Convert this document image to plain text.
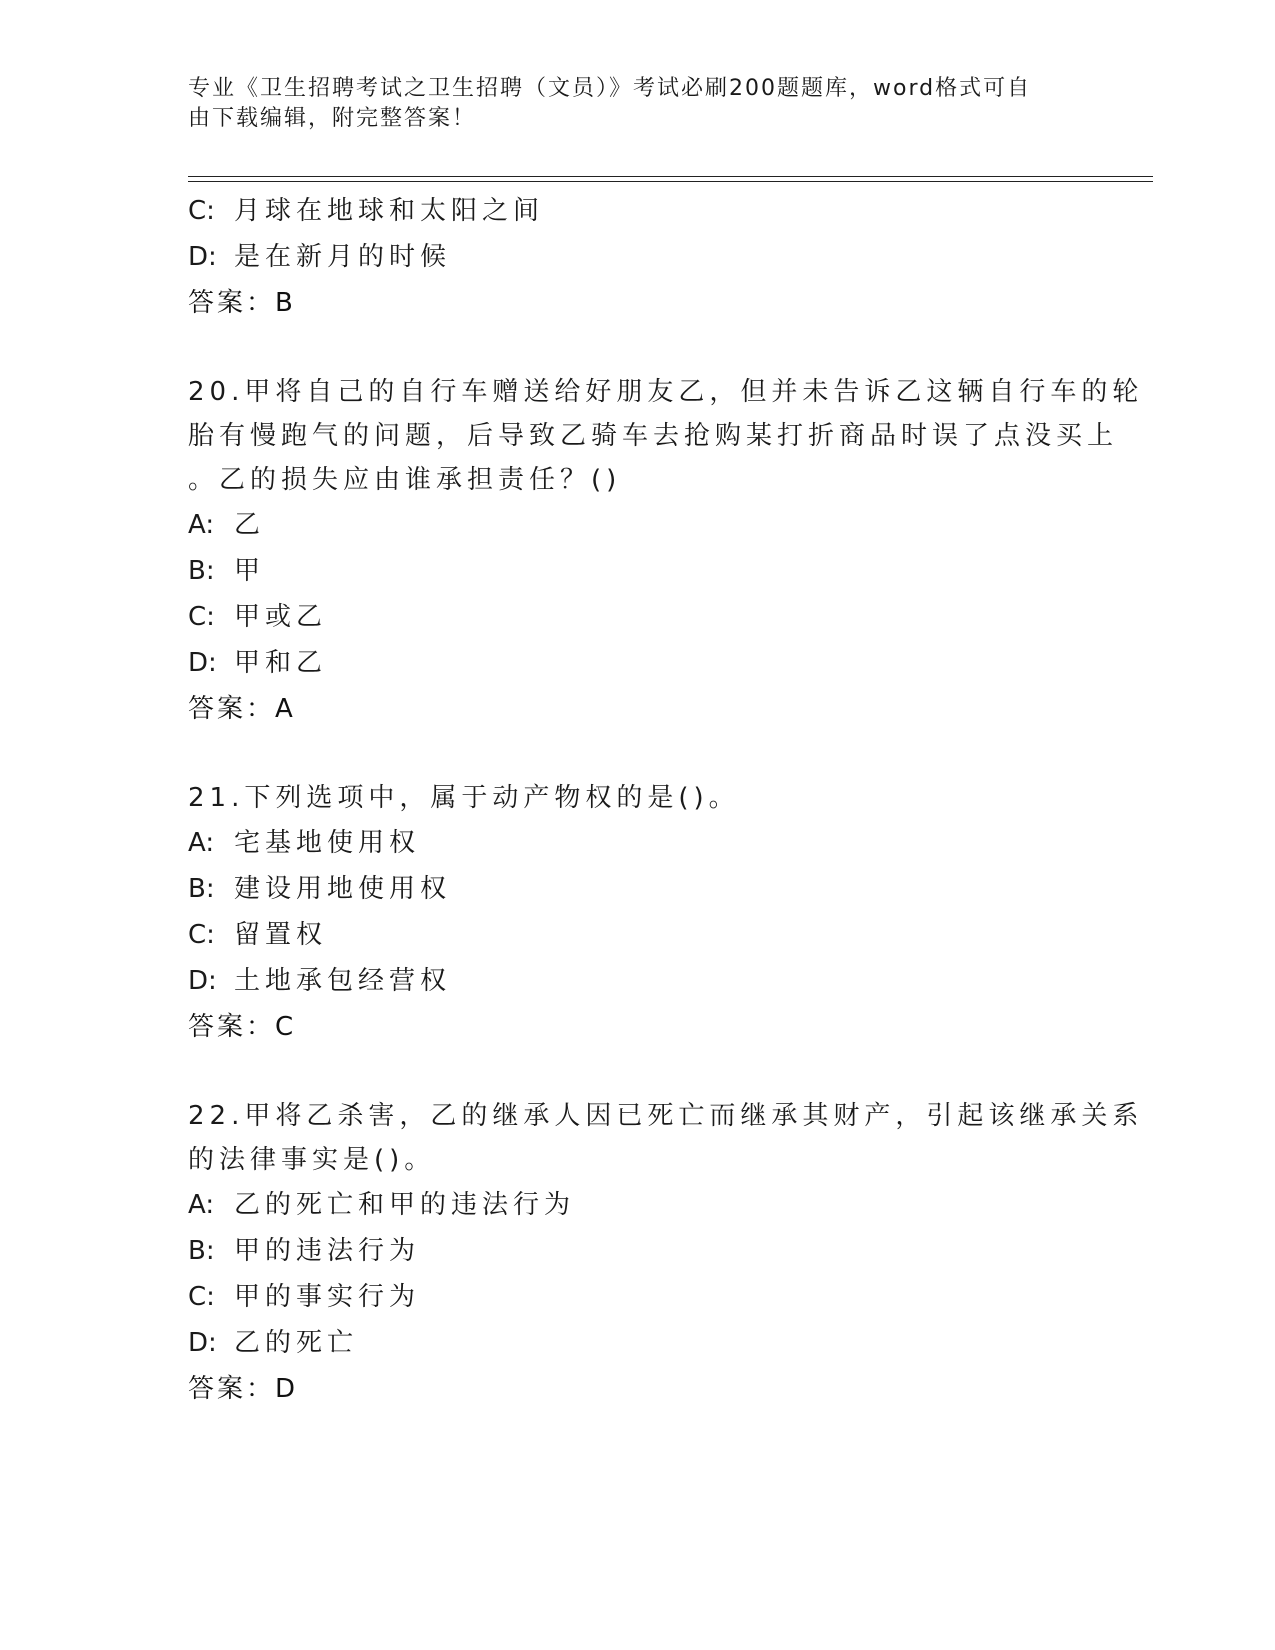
专业《卫生招聘考试之卫生招聘（文员）》考试必刷200题题库，word格式可自
由下载编辑，附完整答案！
C: 月球在地球和太阳之间
D: 是在新月的时候
答案：B
20.甲将自己的自行车赠送给好朋友乙，但并未告诉乙这辆自行车的轮
胎有慢跑气的问题，后导致乙骑车去抢购某打折商品时误了点没买上
。乙的损失应由谁承担责任？()
A: 乙
B: 甲
C: 甲或乙
D: 甲和乙
答案：A
21.下列选项中，属于动产物权的是()。
A: 宅基地使用权
B: 建设用地使用权
C: 留置权
D: 土地承包经营权
答案：C
22.甲将乙杀害，乙的继承人因已死亡而继承其财产，引起该继承关系
的法律事实是()。
A: 乙的死亡和甲的违法行为
B: 甲的违法行为
C: 甲的事实行为
D: 乙的死亡
答案：D
